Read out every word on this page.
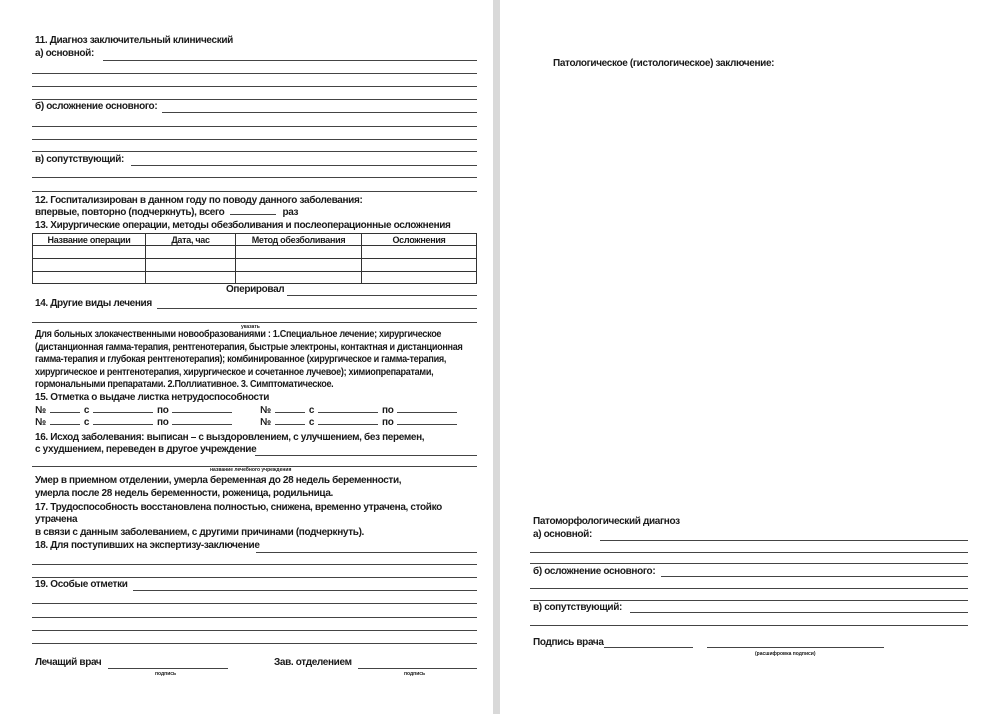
11. Диагноз заключительный клинический
а) основной:
б) осложнение основного:
в) сопутствующий:
12. Госпитализирован в данном году по поводу данного заболевания:
впервые, повторно (подчеркнуть), всего	раз
13. Хирургические операции, методы обезболивания и послеоперационные осложнения
Название операции	Дата, час	Метод обезболивания	Осложнения

Оперировал
14. Другие виды лечения
указать
Для больных злокачественными новообразованиями : 1.Специальное лечение; хирургическое (дистанционная гамма-терапия, рентгенотерапия, быстрые электроны, контактная и дистанционная гамма-терапия и глубокая рентгенотерапия); комбинированное (хирургическое и гамма-терапия, хирургическое и рентгенотерапия, хирургическое и сочетанное лучевое); химиопрепаратами, гормональными препаратами. 2.Поллиативное. 3. Симптоматическое.
15. Отметка о выдаче листка нетрудоспособности
№	с	по	№	с	по
№	с	по	№	с	по
16. Исход заболевания: выписан – с выздоровлением, с улучшением, без перемен,
с ухудшением, переведен в другое учреждение
название лечебного учреждения
Умер в приемном отделении, умерла беременная до 28 недель беременности,
умерла после 28 недель беременности, роженица, родильница.
17. Трудоспособность восстановлена полностью, снижена, временно утрачена, стойко
утрачена
в связи с данным заболеванием, с другими причинами (подчеркнуть).
18. Для поступивших на экспертизу-заключение
19. Особые отметки
Лечащий врач
подпись
Зав. отделением
подпись
Патологическое (гистологическое) заключение:
Патоморфологический диагноз
а) основной:
б) осложнение основного:
в) сопутствующий:
Подпись врача
(расшифровка подписи)
